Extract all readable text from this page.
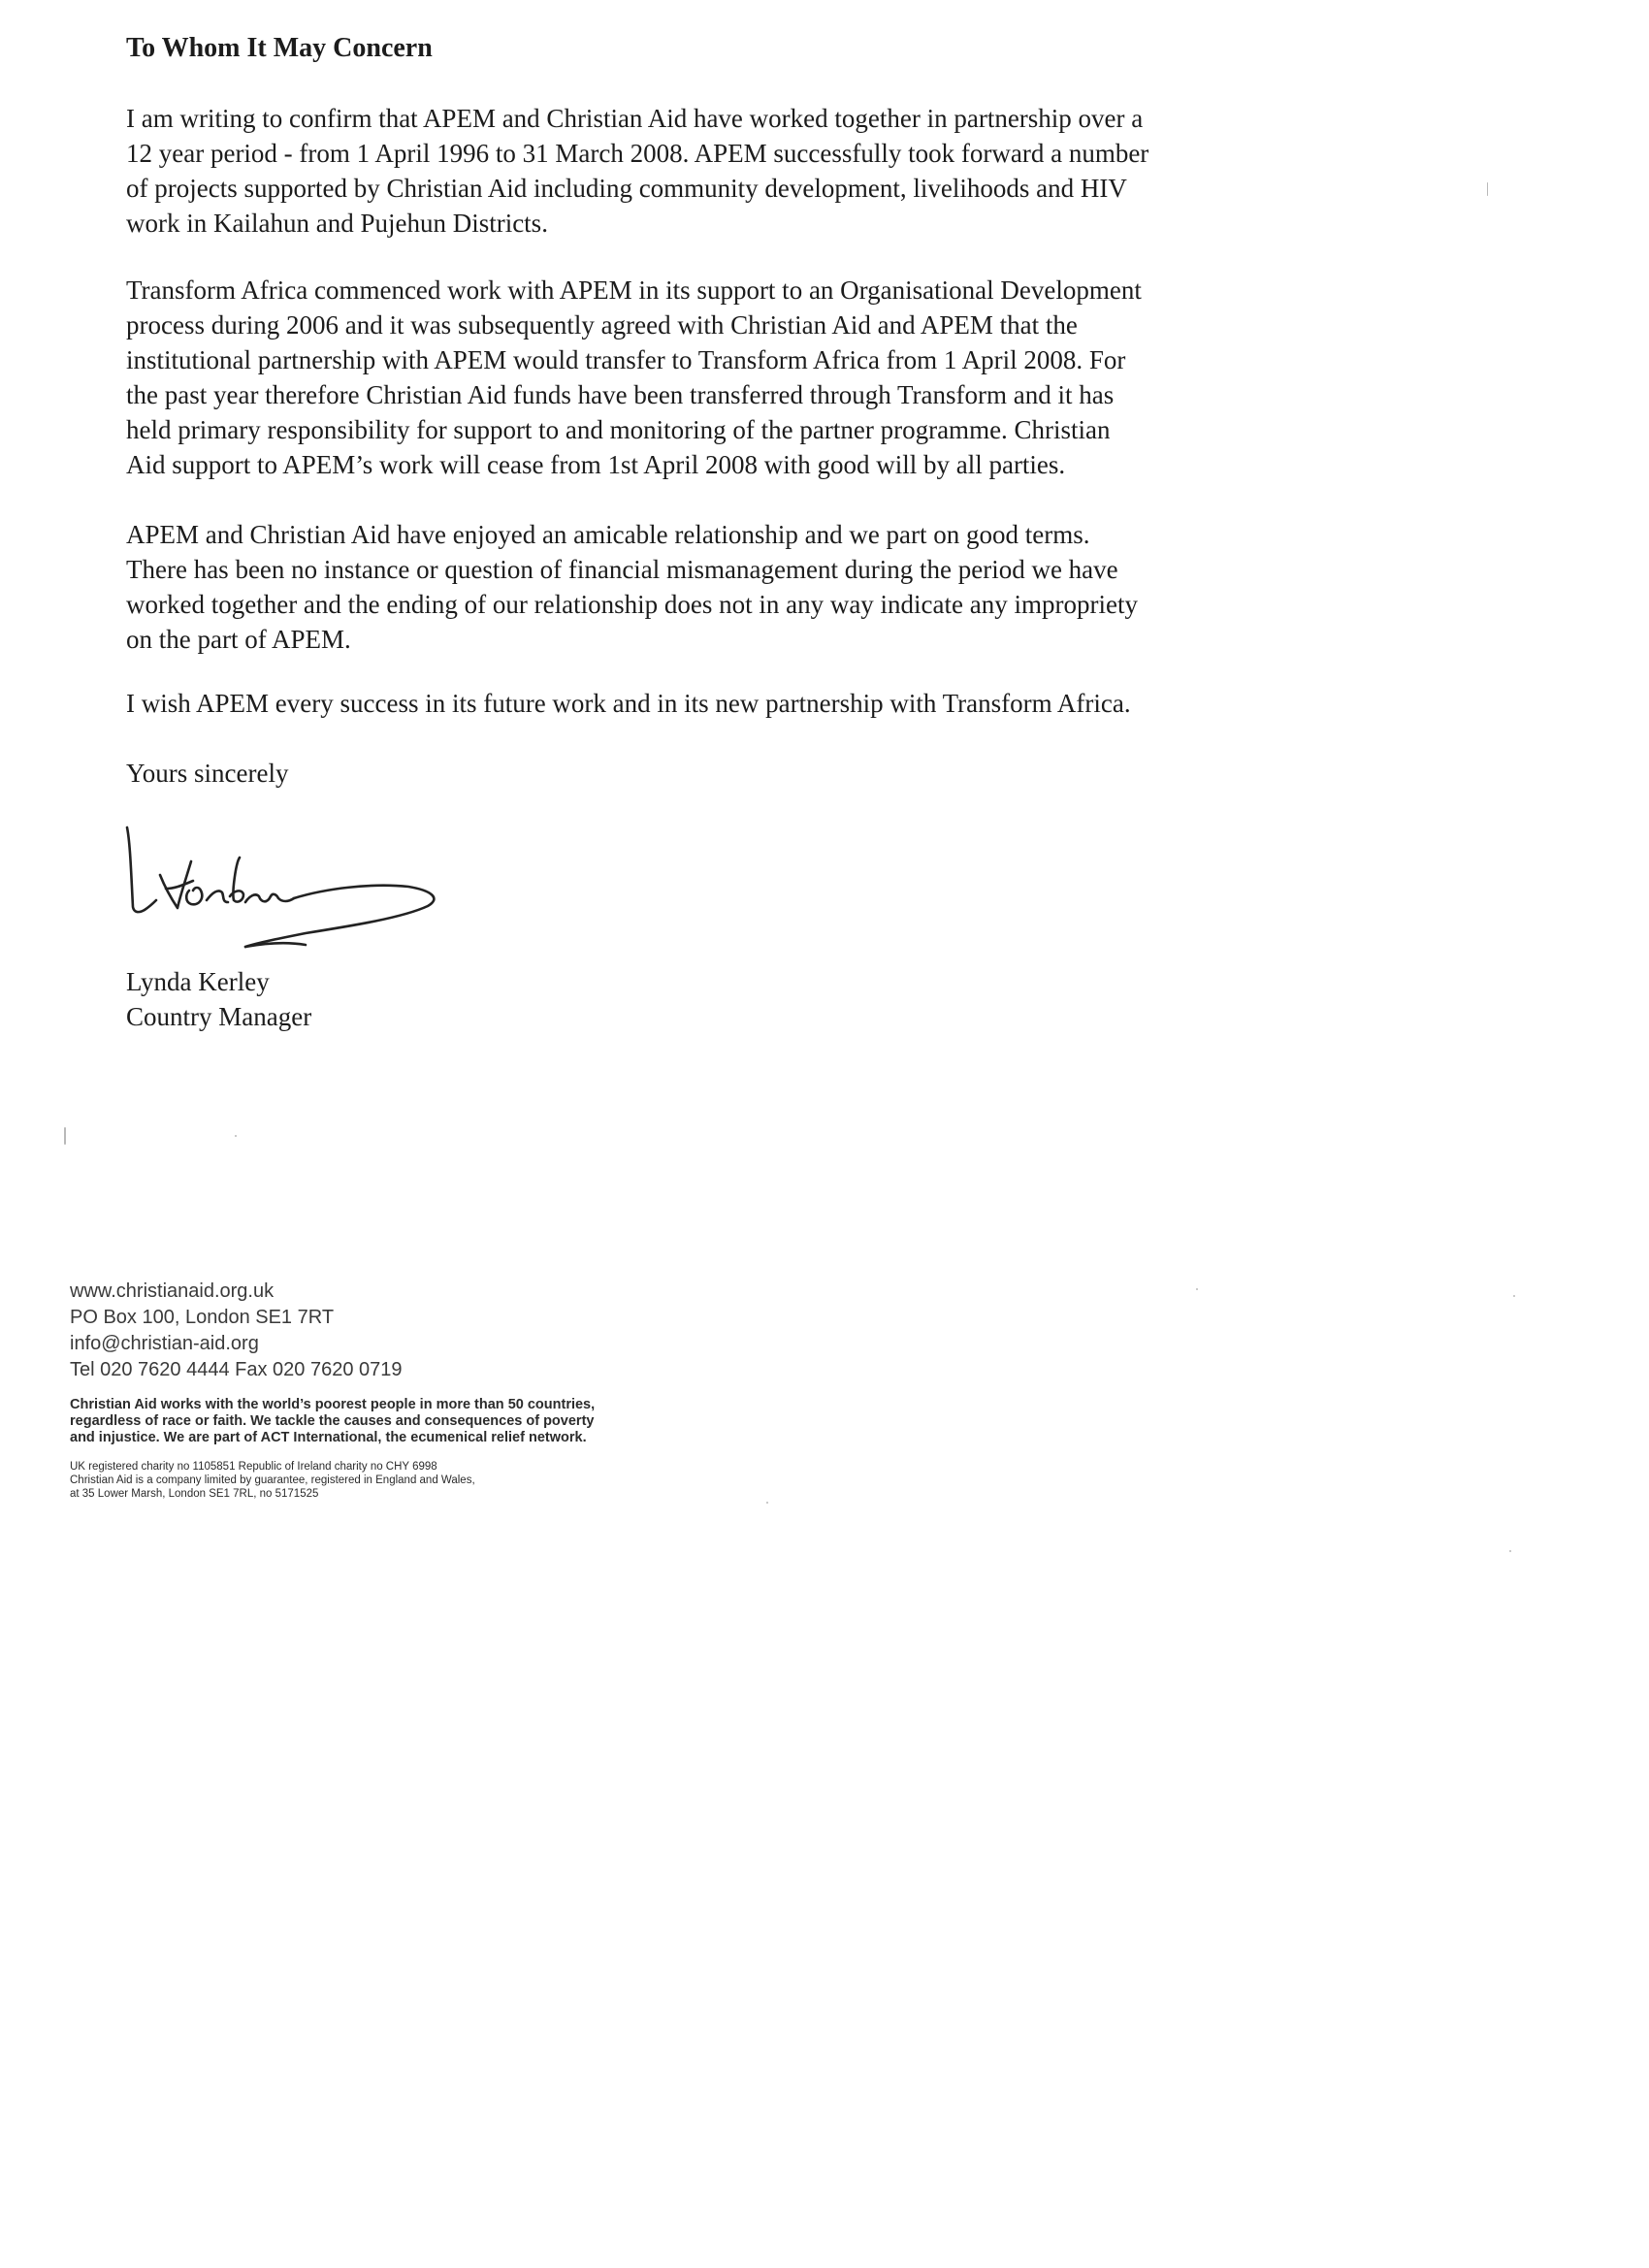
To Whom It May Concern

I am writing to confirm that APEM and Christian Aid have worked together in partnership over a
12 year period - from 1 April 1996 to 31 March 2008. APEM successfully took forward a number
of projects supported by Christian Aid including community development, livelihoods and HIV
work in Kailahun and Pujehun Districts.

Transform Africa commenced work with APEM in its support to an Organisational Development
process during 2006 and it was subsequently agreed with Christian Aid and APEM that the
institutional partnership with APEM would transfer to Transform Africa from 1 April 2008. For
the past year therefore Christian Aid funds have been transferred through Transform and it has
held primary responsibility for support to and monitoring of the partner programme. Christian
Aid support to APEM’s work will cease from 1st April 2008 with good will by all parties.

APEM and Christian Aid have enjoyed an amicable relationship and we part on good terms.
There has been no instance or question of financial mismanagement during the period we have
worked together and the ending of our relationship does not in any way indicate any impropriety
on the part of APEM.

I wish APEM every success in its future work and in its new partnership with Transform Africa.

Yours sincerely

Lynda Kerley
Country Manager

www.christianaid.org.uk
PO Box 100, London SE1 7RT
info@christian-aid.org
Tel 020 7620 4444 Fax 020 7620 0719

Christian Aid works with the world’s poorest people in more than 50 countries,
regardless of race or faith. We tackle the causes and consequences of poverty
and injustice. We are part of ACT International, the ecumenical relief network.

UK registered charity no 1105851 Republic of Ireland charity no CHY 6998
Christian Aid is a company limited by guarantee, registered in England and Wales,
at 35 Lower Marsh, London SE1 7RL, no 5171525
